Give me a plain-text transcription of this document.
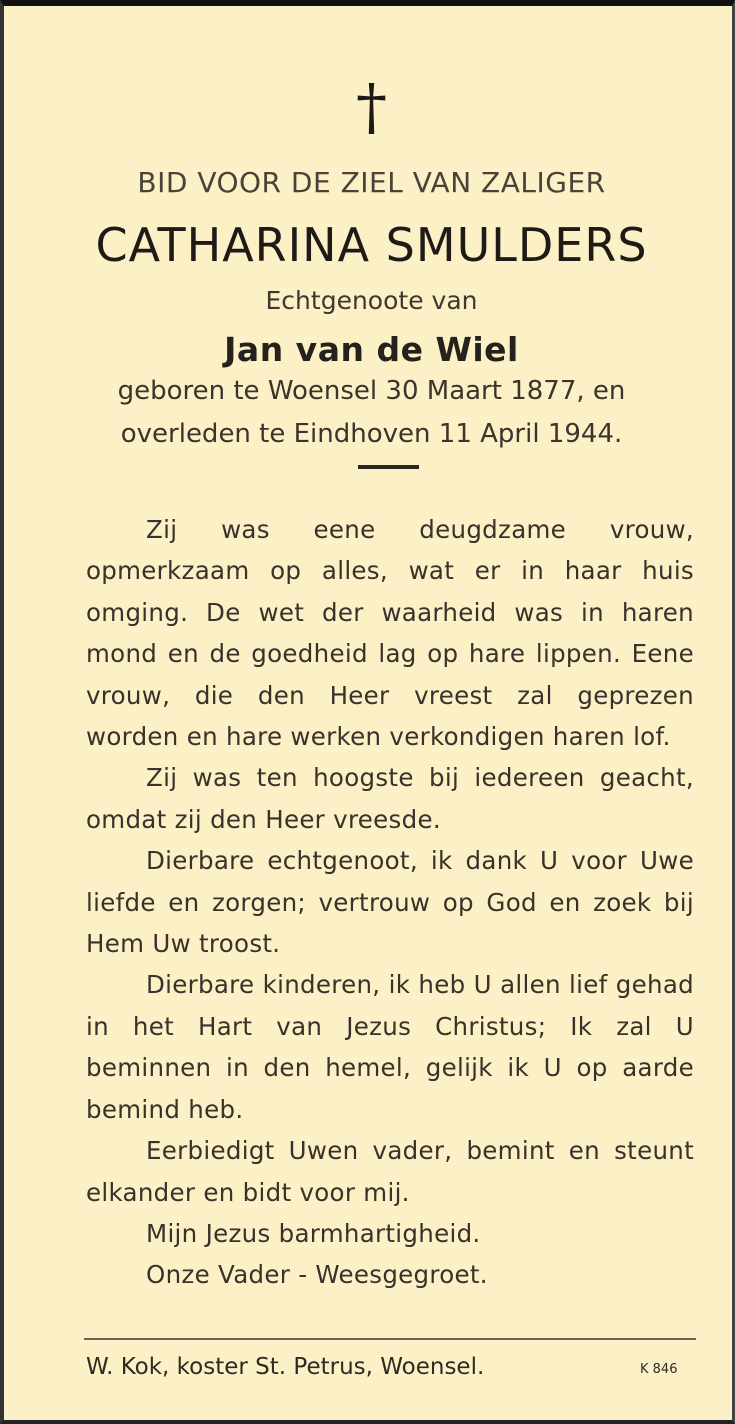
†
BID VOOR DE ZIEL VAN ZALIGER
CATHARINA SMULDERS
Echtgenoote van
Jan van de Wiel
geboren te Woensel 30 Maart 1877, en
overleden te Eindhoven 11 April 1944.

Zij was eene deugdzame vrouw, opmerkzaam op alles, wat er in haar huis omging. De wet der waarheid was in haren mond en de goedheid lag op hare lippen. Eene vrouw, die den Heer vreest zal geprezen worden en hare werken verkondigen haren lof.

Zij was ten hoogste bij iedereen geacht, omdat zij den Heer vreesde.

Dierbare echtgenoot, ik dank U voor Uwe liefde en zorgen; vertrouw op God en zoek bij Hem Uw troost.

Dierbare kinderen, ik heb U allen lief gehad in het Hart van Jezus Christus; Ik zal U beminnen in den hemel, gelijk ik U op aarde bemind heb.

Eerbiedigt Uwen vader, bemint en steunt elkander en bidt voor mij.

Mijn Jezus barmhartigheid.

Onze Vader - Weesgegroet.

W. Kok, koster St. Petrus, Woensel.	K 846
